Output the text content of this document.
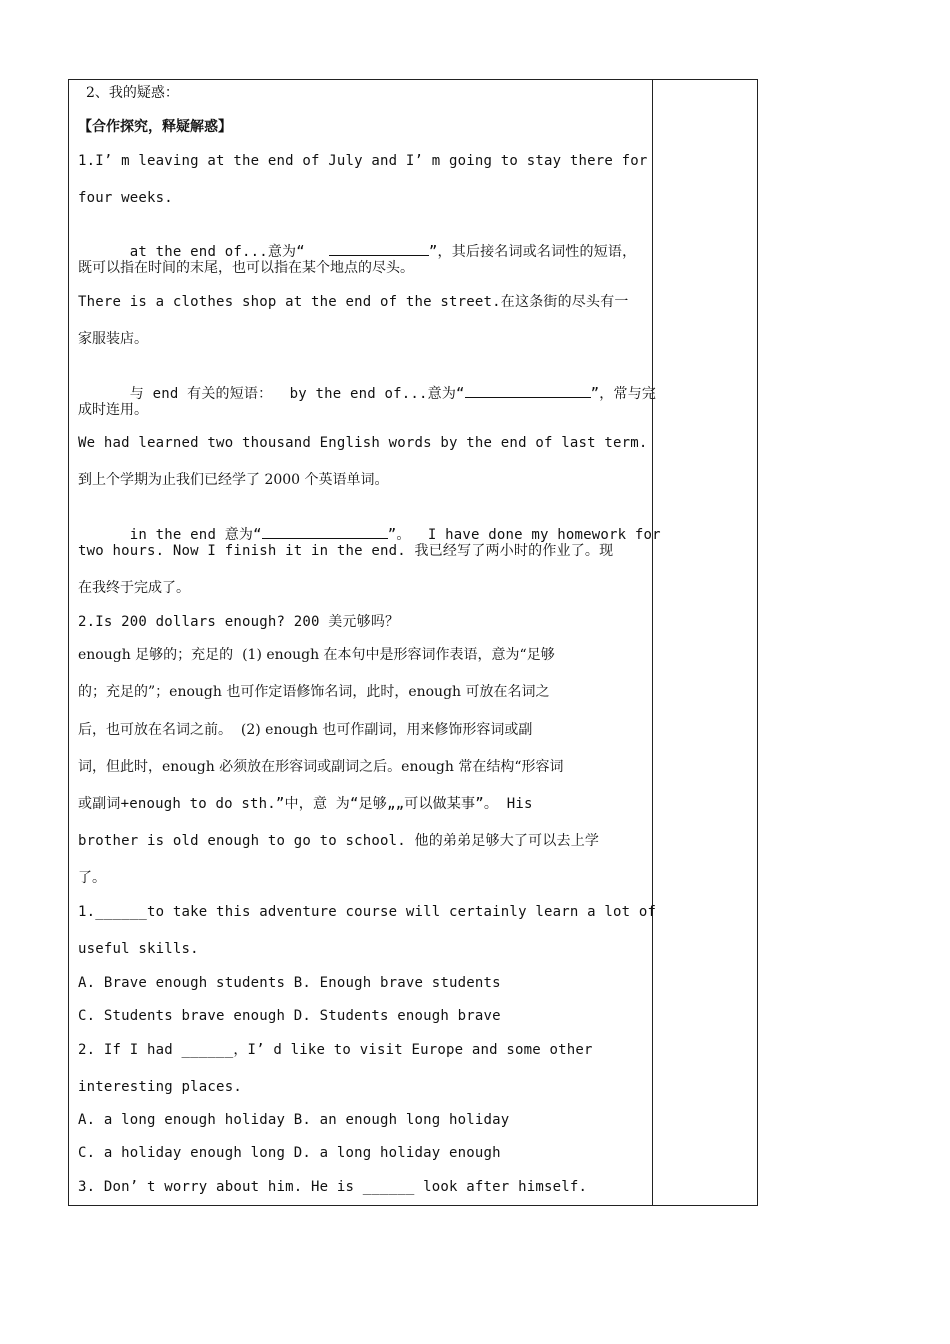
2、我的疑惑：
【合作探究，释疑解惑】
1.I’ m leaving at the end of July and I’ m going to stay there for
four weeks.

at the end of...意为“	”，其后接名词或名词性的短语，

既可以指在时间的末尾，也可以指在某个地点的尽头。
There is a clothes shop at the end of the street.在这条街的尽头有一
家服装店。

与 end 有关的短语：  by the end of...意为“	”，常与完

成时连用。
We had learned two thousand English words by the end of last term.
到上个学期为止我们已经学了 2000 个英语单词。

in the end 意为“	”。  I have done my homework for

two hours. Now I finish it in the end. 我已经写了两小时的作业了。现
在我终于完成了。
2.Is 200 dollars enough? 200 美元够吗？
enough 足够的；充足的  (1) enough 在本句中是形容词作表语，意为“足够
的；充足的”；enough 也可作定语修饰名词，此时，enough 可放在名词之
后，也可放在名词之前。  (2) enough 也可作副词，用来修饰形容词或副
词，但此时，enough 必须放在形容词或副词之后。enough 常在结构“形容词
或副词+enough to do sth.”中，意 为“足够„„可以做某事”。 His
brother is old enough to go to school. 他的弟弟足够大了可以去上学
了。
1.______to take this adventure course will certainly learn a lot of
useful skills.
A. Brave enough students B. Enough brave students
C. Students brave enough D. Students enough brave
2. If I had ______，I’ d like to visit Europe and some other
interesting places.
A. a long enough holiday B. an enough long holiday
C. a holiday enough long D. a long holiday enough
3. Don’ t worry about him. He is ______ look after himself.
